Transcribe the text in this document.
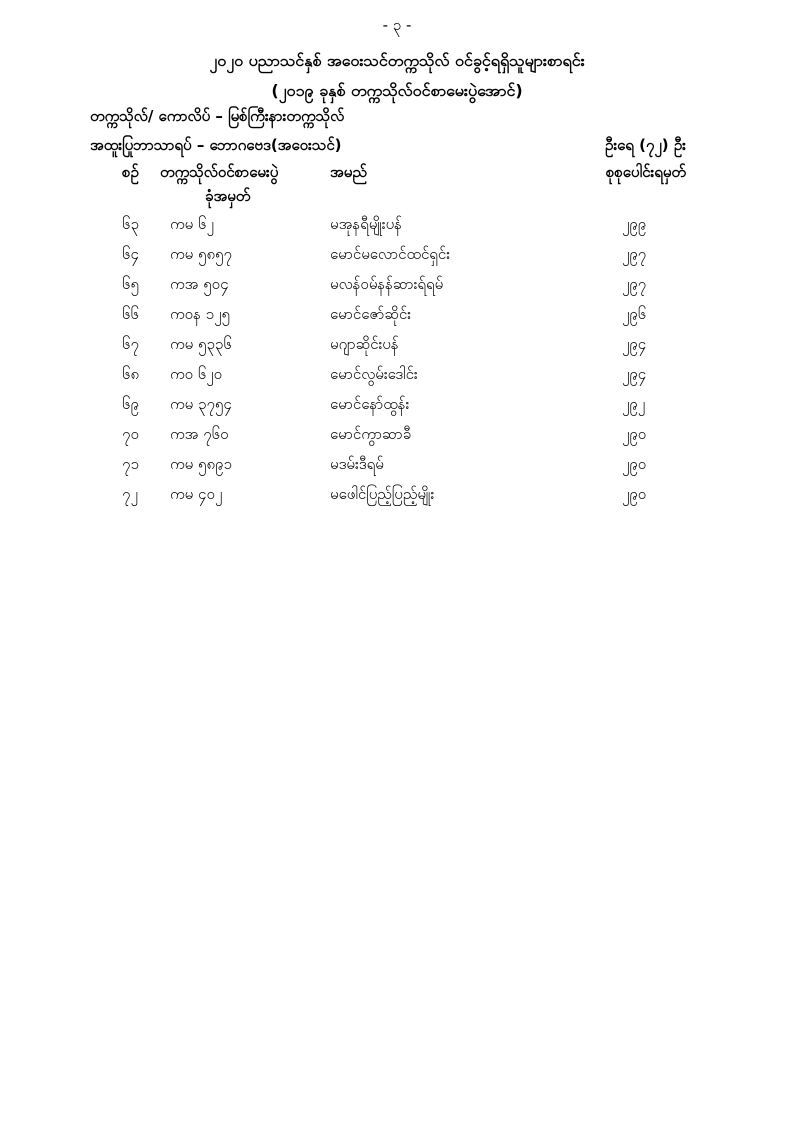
- ၃ -
၂၀၂၀ ပညာသင်နှစ် အဝေးသင်တက္ကသိုလ် ဝင်ခွင့်ရရှိသူများစာရင်း
(၂၀၁၉ ခုနှစ် တက္ကသိုလ်ဝင်စာမေးပွဲအောင်)
တက္ကသိုလ်/ ကောလိပ် – မြစ်ကြီးနားတက္ကသိုလ်
အထူးပြုဘာသာရပ် – ဘောဂဗေဒ(အဝေးသင်)	ဦးရေ (၇၂) ဦး
စဉ် တက္ကသိုလ်ဝင်စာမေးပွဲ
ခုံအမှတ်
အမည်	စုစုပေါင်းရမှတ်
၆၃ ကမ ၆၂	မအုနရီမျိုးပန်	၂၉၉
၆၄ ကမ ၅၈၅၇	မောင်မလောင်ထင်ရှင်း	၂၉၇
၆၅ ကအ ၅၀၄	မလန်ဝမ်နန်ဆားရ်ရမ်	၂၉၇
၆၆ ကဝန ၁၂၅	မောင်ဇော်ဆိုင်း	၂၉၆
၆၇ ကမ ၅၃၃၆	မဂျာဆိုင်းပန်	၂၉၄
၆၈ ကဝ ၆၂၀	မောင်လွမ်းဒေါင်း	၂၉၄
၆၉ ကမ ၃၇၅၄	မောင်နော်ထွန်း	၂၉၂
၇၀ ကအ ၇၆၀	မောင်ကွာဆာခီ	၂၉၀
၇၁ ကမ ၅၈၉၁	မဒမ်းဒီရမ်	၂၉၀
၇၂ ကမ ၄၀၂	မဖေါင်ပြည့်ပြည့်မျိုး	၂၉၀
